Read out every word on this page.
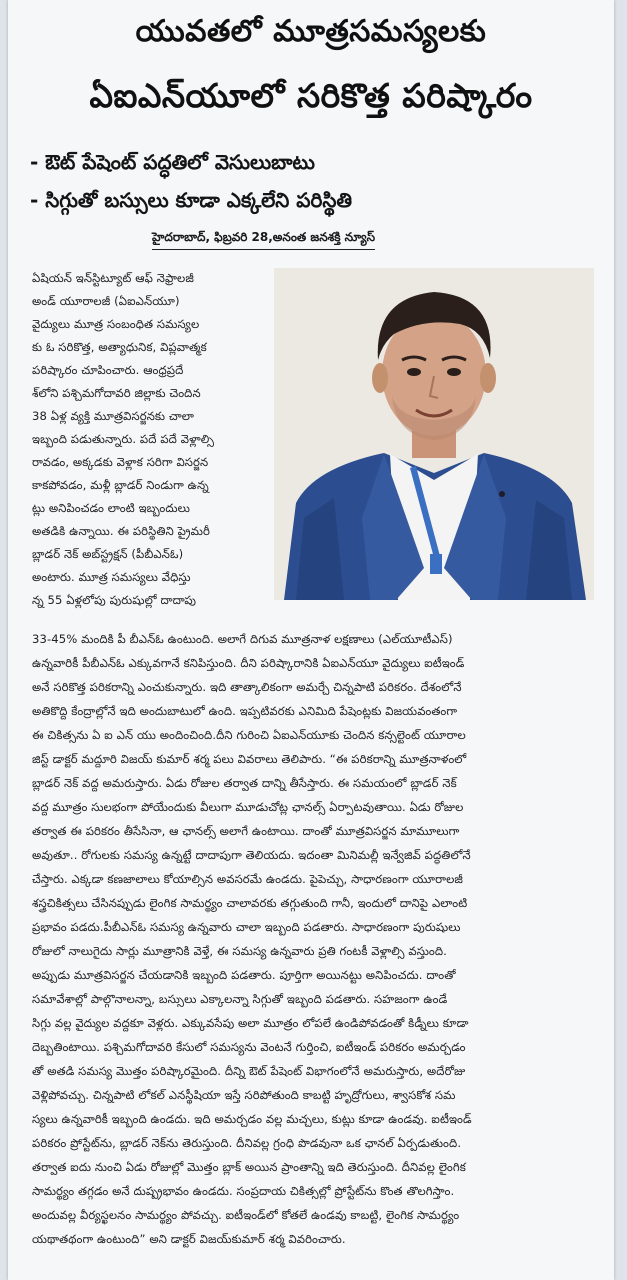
యువతలో మూత్రసమస్యలకు
ఏఐఎన్‌యూలో సరికొత్త పరిష్కారం
- ఔట్ పేషెంట్ పద్ధతిలో వెసులుబాటు
- సిగ్గుతో బస్సులు కూడా ఎక్కలేని పరిస్థితి
హైదరాబాద్, ఫిబ్రవరి 28,అనంత జనశక్తి న్యూస్
ఏషియన్ ఇన్‌స్టిట్యూట్ ఆఫ్ నెఫ్రాలజీ
అండ్ యూరాలజీ (ఏఐఎన్‌యూ)
వైద్యులు మూత్ర సంబంధిత సమస్యల
కు ఓ సరికొత్త, అత్యాధునిక, విప్లవాత్మక
పరిష్కారం చూపించారు. ఆంధ్రప్రదే
శ్‌లోని పశ్చిమగోదావరి జిల్లాకు చెందిన
38 ఏళ్ల వ్యక్తి మూత్రవిసర్జనకు చాలా
ఇబ్బంది పడుతున్నారు. పదే పదే వెళ్లాల్సి
రావడం, అక్కడకు వెళ్లాక సరిగా విసర్జన
కాకపోవడం, మళ్లీ బ్లాడర్ నిండుగా ఉన్న
ట్లు అనిపించడం లాంటి ఇబ్బందులు
అతడికి ఉన్నాయి. ఈ పరిస్థితిని ప్రైమరీ
బ్లాడర్ నెక్ అబ్‌స్ట్రక్షన్ (పీబీఎన్‌ఓ)
అంటారు. మూత్ర సమస్యలు వేధిస్తు
న్న 55 ఏళ్లలోపు పురుషుల్లో దాదాపు
33-45% మందికి పీ బీఎన్ఓ ఉంటుంది. అలాగే దిగువ మూత్రనాళ లక్షణాలు (ఎల్‌యూటీఎస్)
ఉన్నవారికీ పీబీఎన్‌ఓ ఎక్కువగానే కనిపిస్తుంది. దీని పరిష్కారానికి ఏఐఎన్‌యూ వైద్యులు ఐటీఇండ్
అనే సరికొత్త పరికరాన్ని ఎంచుకున్నారు. ఇది తాత్కాలికంగా అమర్చే చిన్నపాటి పరికరం. దేశంలోనే
అతికొద్ది కేంద్రాల్లోనే ఇది అందుబాటులో ఉంది. ఇప్పటివరకు ఎనిమిది పేషెంట్లకు విజయవంతంగా
ఈ చికిత్సను ఏ ఐ ఎన్ యు అందించింది.దీని గురించి ఏఐఎన్‌యూకు చెందిన కన్సల్టెంట్ యూరాల
జిస్ట్ డాక్టర్ మద్దూరి విజయ్ కుమార్ శర్మ పలు వివరాలు తెలిపారు. “ఈ పరికరాన్ని మూత్రనాళంలో
బ్లాడర్ నెక్ వద్ద అమరుస్తారు. ఏడు రోజుల తర్వాత దాన్ని తీసేస్తారు. ఈ సమయంలో బ్లాడర్ నెక్
వద్ద మూత్రం సులభంగా పోయేందుకు వీలుగా మూడుచోట్ల ఛానల్స్ ఏర్పాటవుతాయి. ఏడు రోజుల
తర్వాత ఈ పరికరం తీసేసినా, ఆ ఛానల్స్ అలాగే ఉంటాయి. దాంతో మూత్రవిసర్జన మామూలుగా
అవుతూ.. రోగులకు సమస్య ఉన్నట్టే దాదాపుగా తెలియదు. ఇదంతా మినిమల్లీ ఇన్వేజివ్ పద్ధతిలోనే
చేస్తారు. ఎక్కడా కణజాలాలు కోయాల్సిన అవసరమే ఉండదు. పైపెచ్చు, సాధారణంగా యూరాలజీ
శస్త్రచికిత్సలు చేసినప్పుడు లైంగిక సామర్థ్యం చాలావరకు తగ్గుతుంది గానీ, ఇందులో దానిపై ఎలాంటి
ప్రభావం పడదు.పీబీఎన్ఓ సమస్య ఉన్నవారు చాలా ఇబ్బంది పడతారు. సాధారణంగా పురుషులు
రోజులో నాలుగైదు సార్లు మూత్రానికి వెళ్తే, ఈ సమస్య ఉన్నవారు ప్రతి గంటకీ వెళ్లాల్సి వస్తుంది.
అప్పుడు మూత్రవిసర్జన చేయడానికి ఇబ్బంది పడతారు. పూర్తిగా అయినట్టు అనిపించదు. దాంతో
సమావేశాల్లో పాల్గొనాలన్నా, బస్సులు ఎక్కాలన్నా సిగ్గుతో ఇబ్బంది పడతారు. సహజంగా ఉండే
సిగ్గు వల్ల వైద్యుల వద్దకూ వెళ్లరు. ఎక్కువసేపు అలా మూత్రం లోపలే ఉండిపోవడంతో కిడ్నీలు కూడా
దెబ్బతింటాయి. పశ్చిమగోదావరి కేసులో సమస్యను వెంటనే గుర్తించి, ఐటీఇండ్ పరికరం అమర్చడం
తో అతడి సమస్య మొత్తం పరిష్కారమైంది. దీన్ని ఔట్ పేషెంట్ విభాగంలోనే అమరుస్తారు, అదేరోజు
వెళ్లిపోవచ్చు. చిన్నపాటి లోకల్ ఎనస్థీషియా ఇస్తే సరిపోతుంది కాబట్టి హృద్రోగులు, శ్వాసకోశ సమ
స్యలు ఉన్నవారికీ ఇబ్బంది ఉండదు. ఇది అమర్చడం వల్ల మచ్చలు, కుట్లు కూడా ఉండవు. ఐటీఇండ్
పరికరం ప్రోస్టేట్‌ను, బ్లాడర్ నెక్‌ను తెరుస్తుంది. దీనివల్ల గ్రంధి పొడవునా ఒక ఛానల్ ఏర్పడుతుంది.
తర్వాత ఐదు నుంచి ఏడు రోజుల్లో మొత్తం బ్లాక్ అయిన ప్రాంతాన్ని ఇది తెరుస్తుంది. దీనివల్ల లైంగిక
సామర్థ్యం తగ్గడం అనే దుష్ప్రభావం ఉండదు. సంప్రదాయ చికిత్సల్లో ప్రోస్టేట్‌ను కొంత తొలగిస్తాం.
అందువల్ల వీర్యస్ఖలనం సామర్థ్యం పోవచ్చు. ఐటీఇండ్‌లో కోతలే ఉండవు కాబట్టి, లైంగిక సామర్థ్యం
యథాతథంగా ఉంటుంది” అని డాక్టర్ విజయ్‌కుమార్ శర్మ వివరించారు.
